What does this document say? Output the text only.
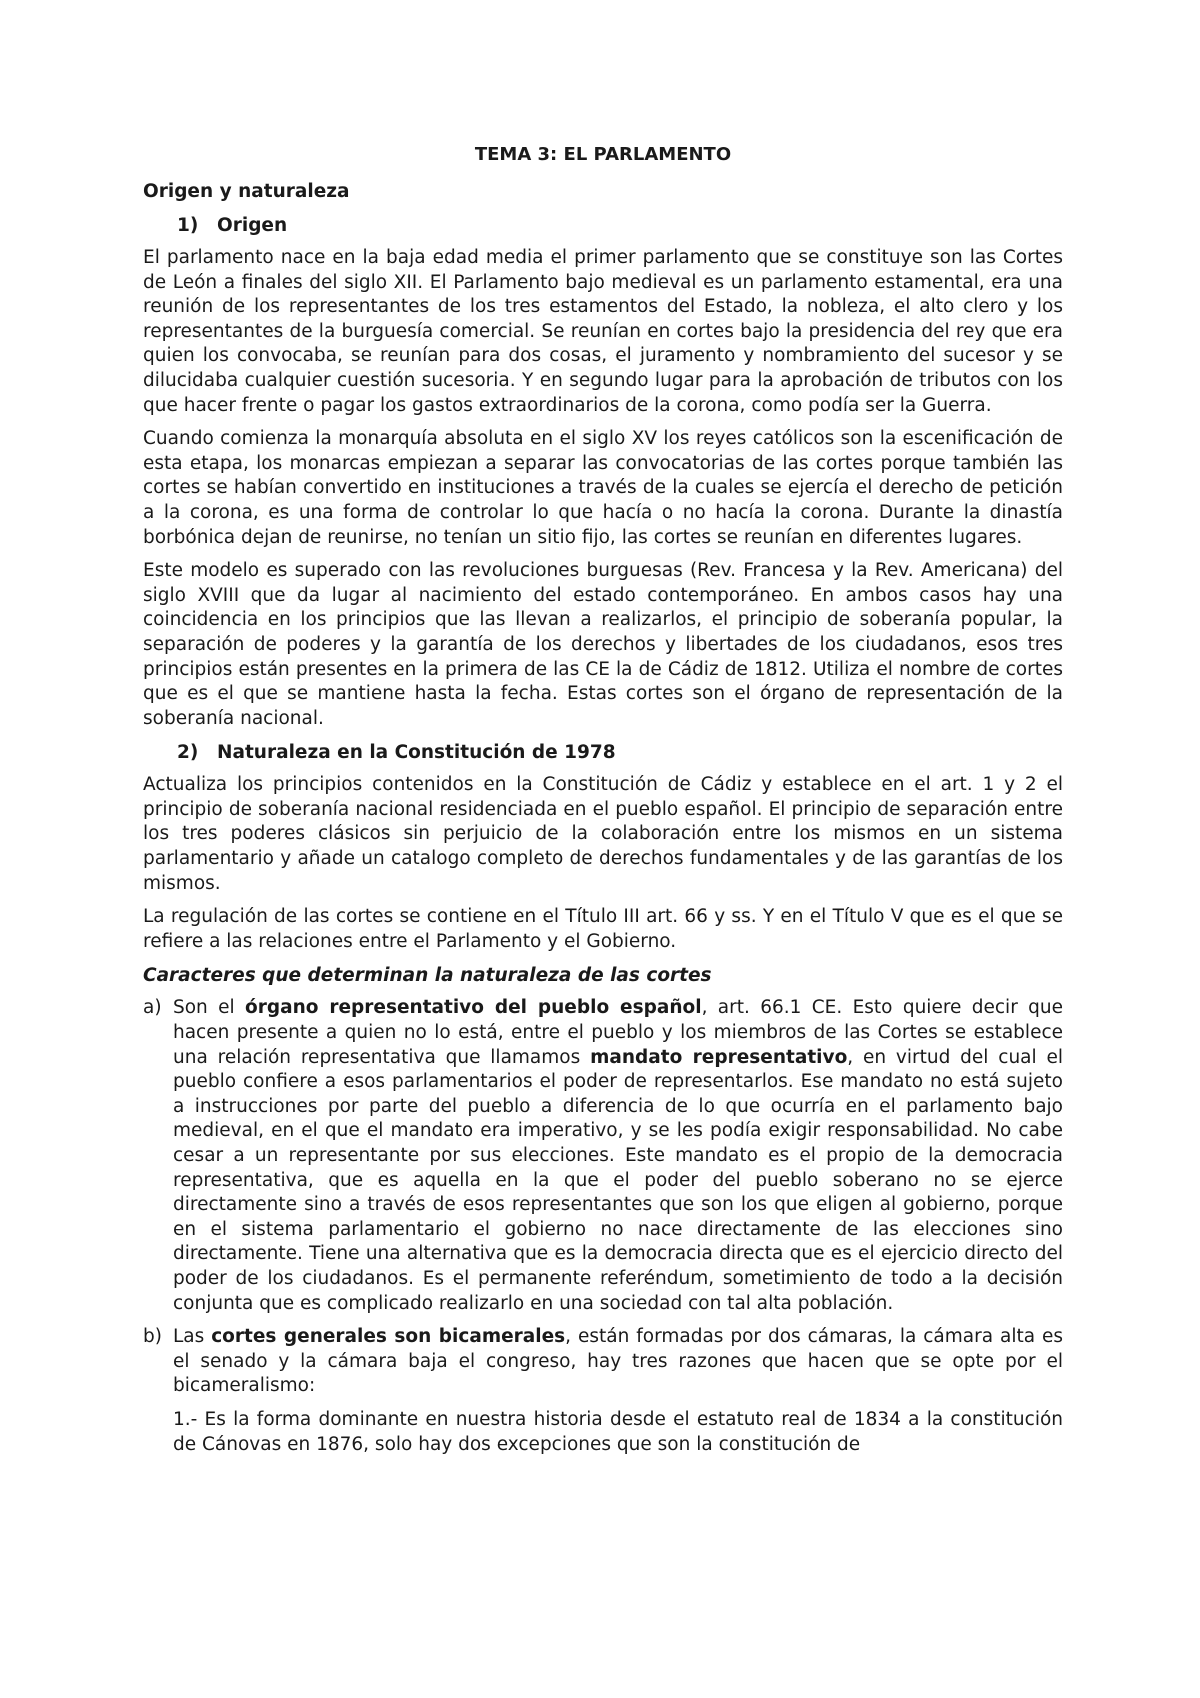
TEMA 3: EL PARLAMENTO
Origen y naturaleza
1)	Origen

El parlamento nace en la baja edad media el primer parlamento que se constituye son las Cortes de León a finales del siglo XII. El Parlamento bajo medieval es un parlamento estamental, era una reunión de los representantes de los tres estamentos del Estado, la nobleza, el alto clero y los representantes de la burguesía comercial. Se reunían en cortes bajo la presidencia del rey que era quien los convocaba, se reunían para dos cosas, el juramento y nombramiento del sucesor y se dilucidaba cualquier cuestión sucesoria. Y en segundo lugar para la aprobación de tributos con los que hacer frente o pagar los gastos extraordinarios de la corona, como podía ser la Guerra.

Cuando comienza la monarquía absoluta en el siglo XV los reyes católicos son la escenificación de esta etapa, los monarcas empiezan a separar las convocatorias de las cortes porque también las cortes se habían convertido en instituciones a través de la cuales se ejercía el derecho de petición a la corona, es una forma de controlar lo que hacía o no hacía la corona. Durante la dinastía borbónica dejan de reunirse, no tenían un sitio fijo, las cortes se reunían en diferentes lugares.

Este modelo es superado con las revoluciones burguesas (Rev. Francesa y la Rev. Americana) del siglo XVIII que da lugar al nacimiento del estado contemporáneo. En ambos casos hay una coincidencia en los principios que las llevan a realizarlos, el principio de soberanía popular, la separación de poderes y la garantía de los derechos y libertades de los ciudadanos, esos tres principios están presentes en la primera de las CE la de Cádiz de 1812. Utiliza el nombre de cortes que es el que se mantiene hasta la fecha. Estas cortes son el órgano de representación de la soberanía nacional.

2)	Naturaleza en la Constitución de 1978

Actualiza los principios contenidos en la Constitución de Cádiz y establece en el art. 1 y 2 el principio de soberanía nacional residenciada en el pueblo español. El principio de separación entre los tres poderes clásicos sin perjuicio de la colaboración entre los mismos en un sistema parlamentario y añade un catalogo completo de derechos fundamentales y de las garantías de los mismos.

La regulación de las cortes se contiene en el Título III art. 66 y ss. Y en el Título V que es el que se refiere a las relaciones entre el Parlamento y el Gobierno.

Caracteres que determinan la naturaleza de las cortes
a) Son el órgano representativo del pueblo español, art. 66.1 CE. Esto quiere decir que hacen presente a quien no lo está, entre el pueblo y los miembros de las Cortes se establece una relación representativa que llamamos mandato representativo, en virtud del cual el pueblo confiere a esos parlamentarios el poder de representarlos. Ese mandato no está sujeto a instrucciones por parte del pueblo a diferencia de lo que ocurría en el parlamento bajo medieval, en el que el mandato era imperativo, y se les podía exigir responsabilidad. No cabe cesar a un representante por sus elecciones. Este mandato es el propio de la democracia representativa, que es aquella en la que el poder del pueblo soberano no se ejerce directamente sino a través de esos representantes que son los que eligen al gobierno, porque en el sistema parlamentario el gobierno no nace directamente de las elecciones sino directamente. Tiene una alternativa que es la democracia directa que es el ejercicio directo del poder de los ciudadanos. Es el permanente referéndum, sometimiento de todo a la decisión conjunta que es complicado realizarlo en una sociedad con tal alta población.

b) Las cortes generales son bicamerales, están formadas por dos cámaras, la cámara alta es el senado y la cámara baja el congreso, hay tres razones que hacen que se opte por el bicameralismo:

1.- Es la forma dominante en nuestra historia desde el estatuto real de 1834 a la constitución de Cánovas en 1876, solo hay dos excepciones que son la constitución de
